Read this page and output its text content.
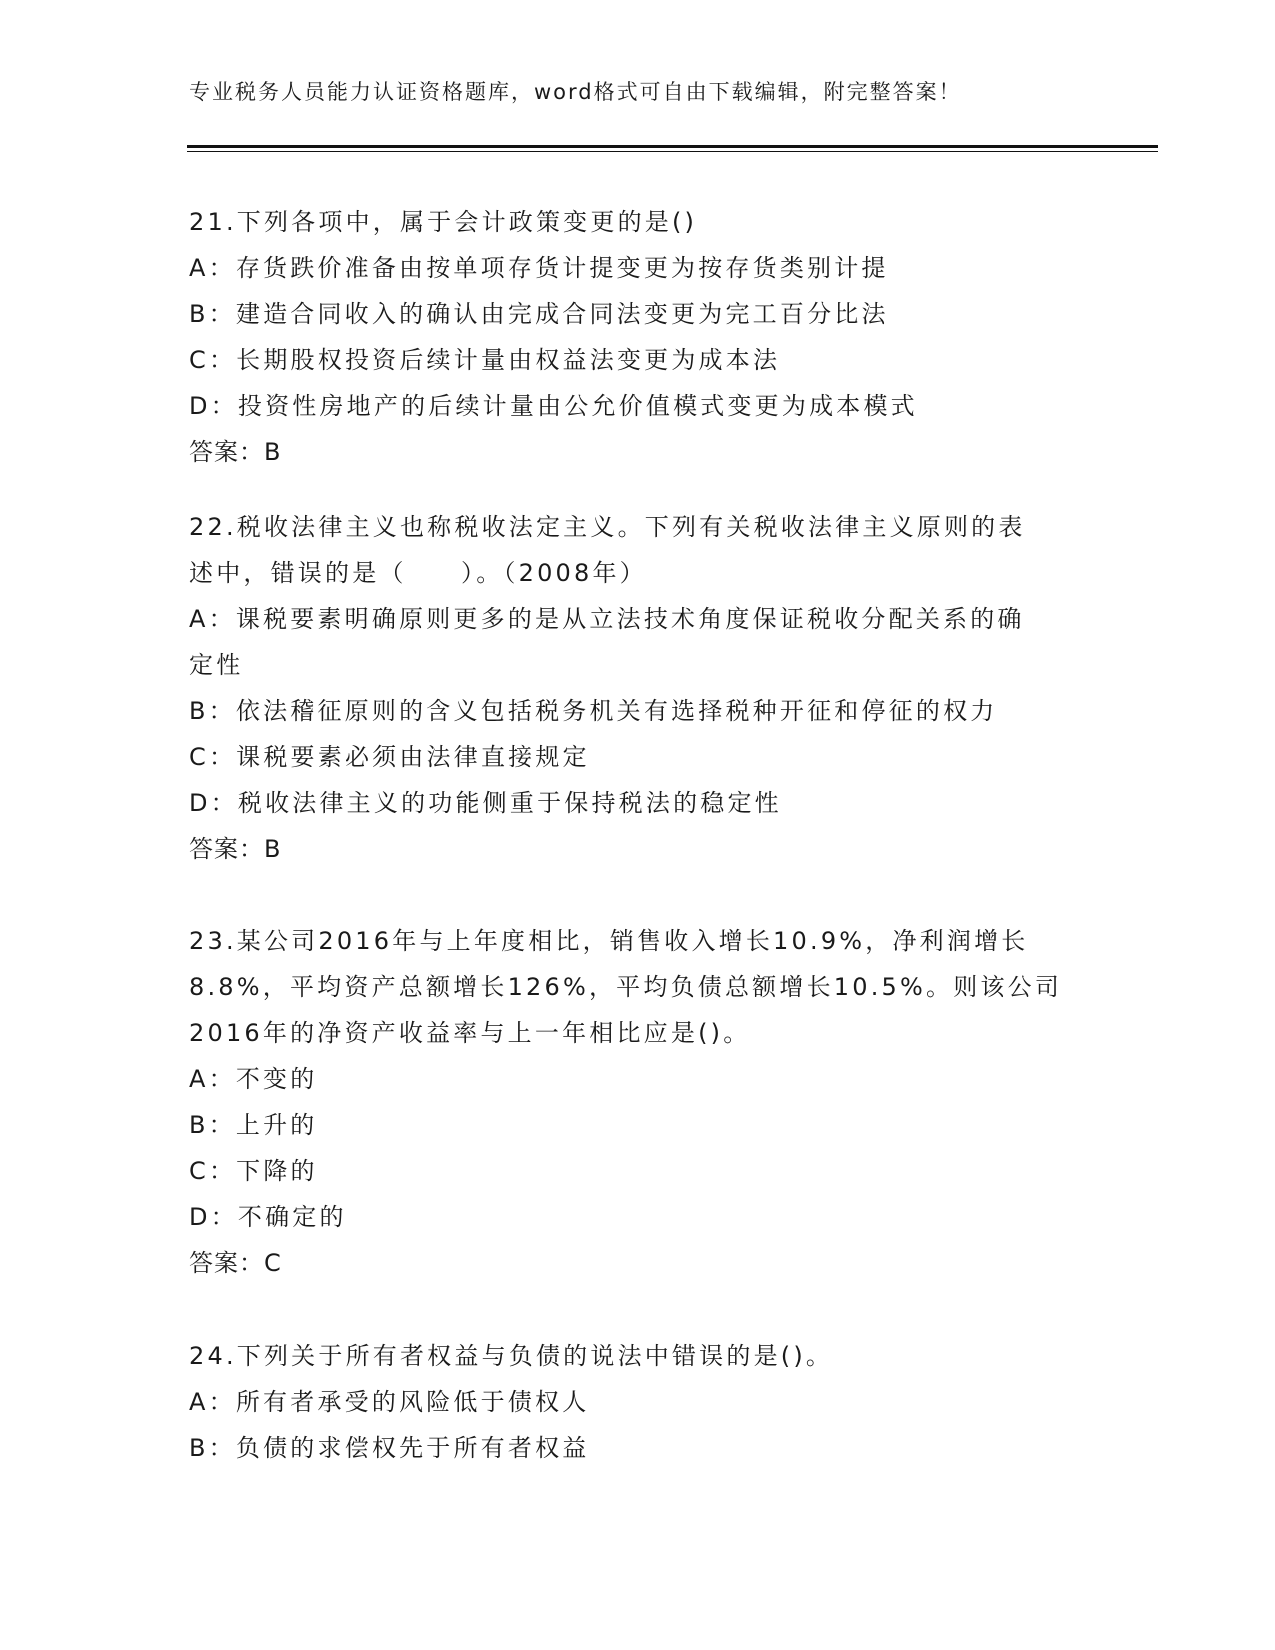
专业税务人员能力认证资格题库，word格式可自由下载编辑，附完整答案！
21.下列各项中，属于会计政策变更的是()
A：存货跌价准备由按单项存货计提变更为按存货类别计提
B：建造合同收入的确认由完成合同法变更为完工百分比法
C：长期股权投资后续计量由权益法变更为成本法
D：投资性房地产的后续计量由公允价值模式变更为成本模式
答案：B
22.税收法律主义也称税收法定主义。下列有关税收法律主义原则的表
述中，错误的是（　　）。（2008年）
A：课税要素明确原则更多的是从立法技术角度保证税收分配关系的确
定性
B：依法稽征原则的含义包括税务机关有选择税种开征和停征的权力
C：课税要素必须由法律直接规定
D：税收法律主义的功能侧重于保持税法的稳定性
答案：B
23.某公司2016年与上年度相比，销售收入增长10.9%，净利润增长
8.8%，平均资产总额增长126%，平均负债总额增长10.5%。则该公司
2016年的净资产收益率与上一年相比应是()。
A：不变的
B：上升的
C：下降的
D：不确定的
答案：C
24.下列关于所有者权益与负债的说法中错误的是()。
A：所有者承受的风险低于债权人
B：负债的求偿权先于所有者权益
